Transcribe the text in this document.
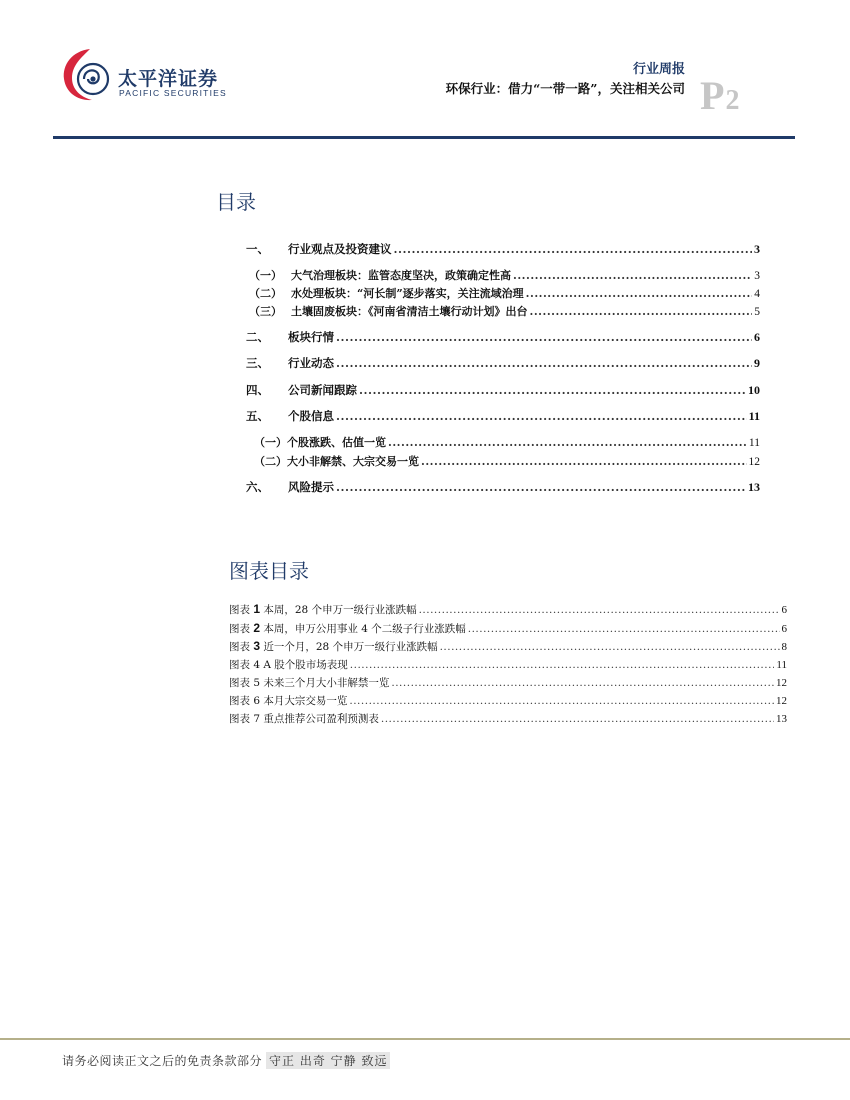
太平洋证券
PACIFIC SECURITIES
行业周报
环保行业：借力“一带一路”，关注相关公司 P2
目录
一、 行业观点及投资建议 .....	3
（一） 大气治理板块：监管态度坚决，政策确定性高 .....	3
（二） 水处理板块：“河长制”逐步落实，关注流域治理 .....	4
（三） 土壤固废板块：《河南省清洁土壤行动计划》出台 .....	5
二、 板块行情 .....	6
三、 行业动态 .....	9
四、 公司新闻跟踪 .....	10
五、 个股信息 .....	11
（一）个股涨跌、估值一览 .....	11
（二）大小非解禁、大宗交易一览 .....	12
六、 风险提示 .....	13
图表目录
图表 1 本周，28 个申万一级行业涨跌幅 .....	6
图表 2 本周，申万公用事业 4 个二级子行业涨跌幅 .....	6
图表 3 近一个月，28 个申万一级行业涨跌幅 .....	8
图表 4 A 股个股市场表现 .....	11
图表 5 未来三个月大小非解禁一览 .....	12
图表 6 本月大宗交易一览 .....	12
图表 7 重点推荐公司盈利预测表 .....	13
请务必阅读正文之后的免责条款部分 守正 出奇 宁静 致远
